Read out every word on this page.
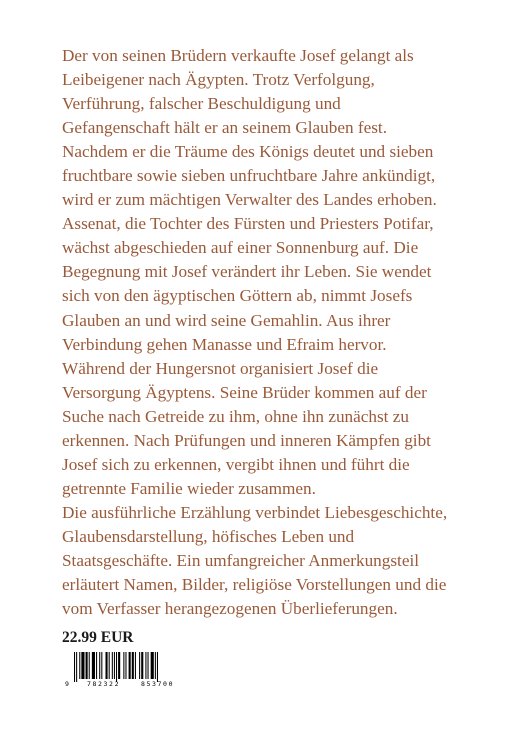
Der von seinen Brüdern verkaufte Josef gelangt als
Leibeigener nach Ägypten. Trotz Verfolgung,
Verführung, falscher Beschuldigung und
Gefangenschaft hält er an seinem Glauben fest.
Nachdem er die Träume des Königs deutet und sieben
fruchtbare sowie sieben unfruchtbare Jahre ankündigt,
wird er zum mächtigen Verwalter des Landes erhoben.
Assenat, die Tochter des Fürsten und Priesters Potifar,
wächst abgeschieden auf einer Sonnenburg auf. Die
Begegnung mit Josef verändert ihr Leben. Sie wendet
sich von den ägyptischen Göttern ab, nimmt Josefs
Glauben an und wird seine Gemahlin. Aus ihrer
Verbindung gehen Manasse und Efraim hervor.
Während der Hungersnot organisiert Josef die
Versorgung Ägyptens. Seine Brüder kommen auf der
Suche nach Getreide zu ihm, ohne ihn zunächst zu
erkennen. Nach Prüfungen und inneren Kämpfen gibt
Josef sich zu erkennen, vergibt ihnen und führt die
getrennte Familie wieder zusammen.

Die ausführliche Erzählung verbindet Liebesgeschichte,
Glaubensdarstellung, höfisches Leben und
Staatsgeschäfte. Ein umfangreicher Anmerkungsteil
erläutert Namen, Bilder, religiöse Vorstellungen und die
vom Verfasser herangezogenen Überlieferungen.

22.99 EUR
9	782322	853700
